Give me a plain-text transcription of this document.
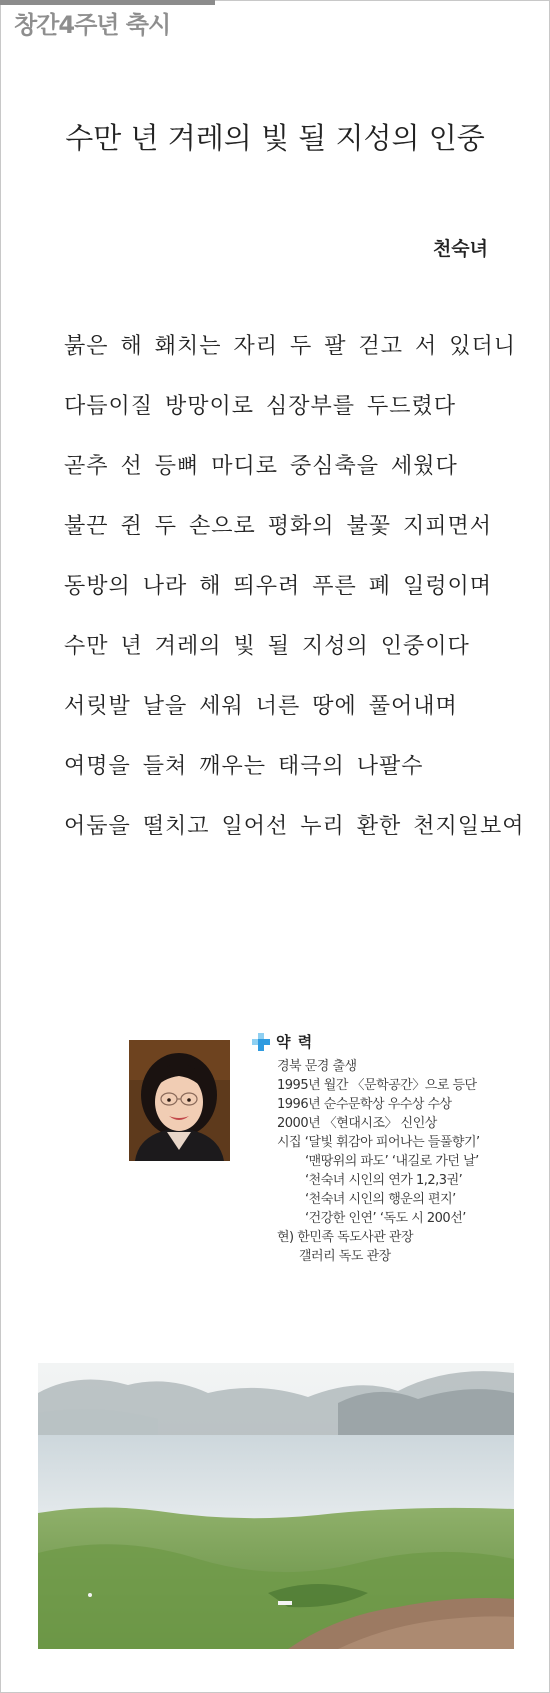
창간4주년 축시
수만 년 겨레의 빛 될 지성의 인중
천숙녀
붉은 해 홰치는 자리 두 팔 걷고 서 있더니
다듬이질 방망이로 심장부를 두드렸다
곧추 선 등뼈 마디로 중심축을 세웠다
불끈 쥔 두 손으로 평화의 불꽃 지피면서
동방의 나라 해 띄우려 푸른 폐 일렁이며
수만 년 겨레의 빛 될 지성의 인중이다
서릿발 날을 세워 너른 땅에 풀어내며
여명을 들쳐 깨우는 태극의 나팔수
어둠을 떨치고 일어선 누리 환한 천지일보여
약 력
경북 문경 출생
1995년 월간 〈문학공간〉으로 등단
1996년 순수문학상 우수상 수상
2000년 〈현대시조〉 신인상
시집 ‘달빛 휘감아 피어나는 들풀향기’
‘맨땅위의 파도’ ‘내길로 가던 날’
‘천숙녀 시인의 연가 1,2,3권’
‘천숙녀 시인의 행운의 편지’
‘건강한 인연’ ‘독도 시 200선’
현) 한민족 독도사관 관장
갤러리 독도 관장
